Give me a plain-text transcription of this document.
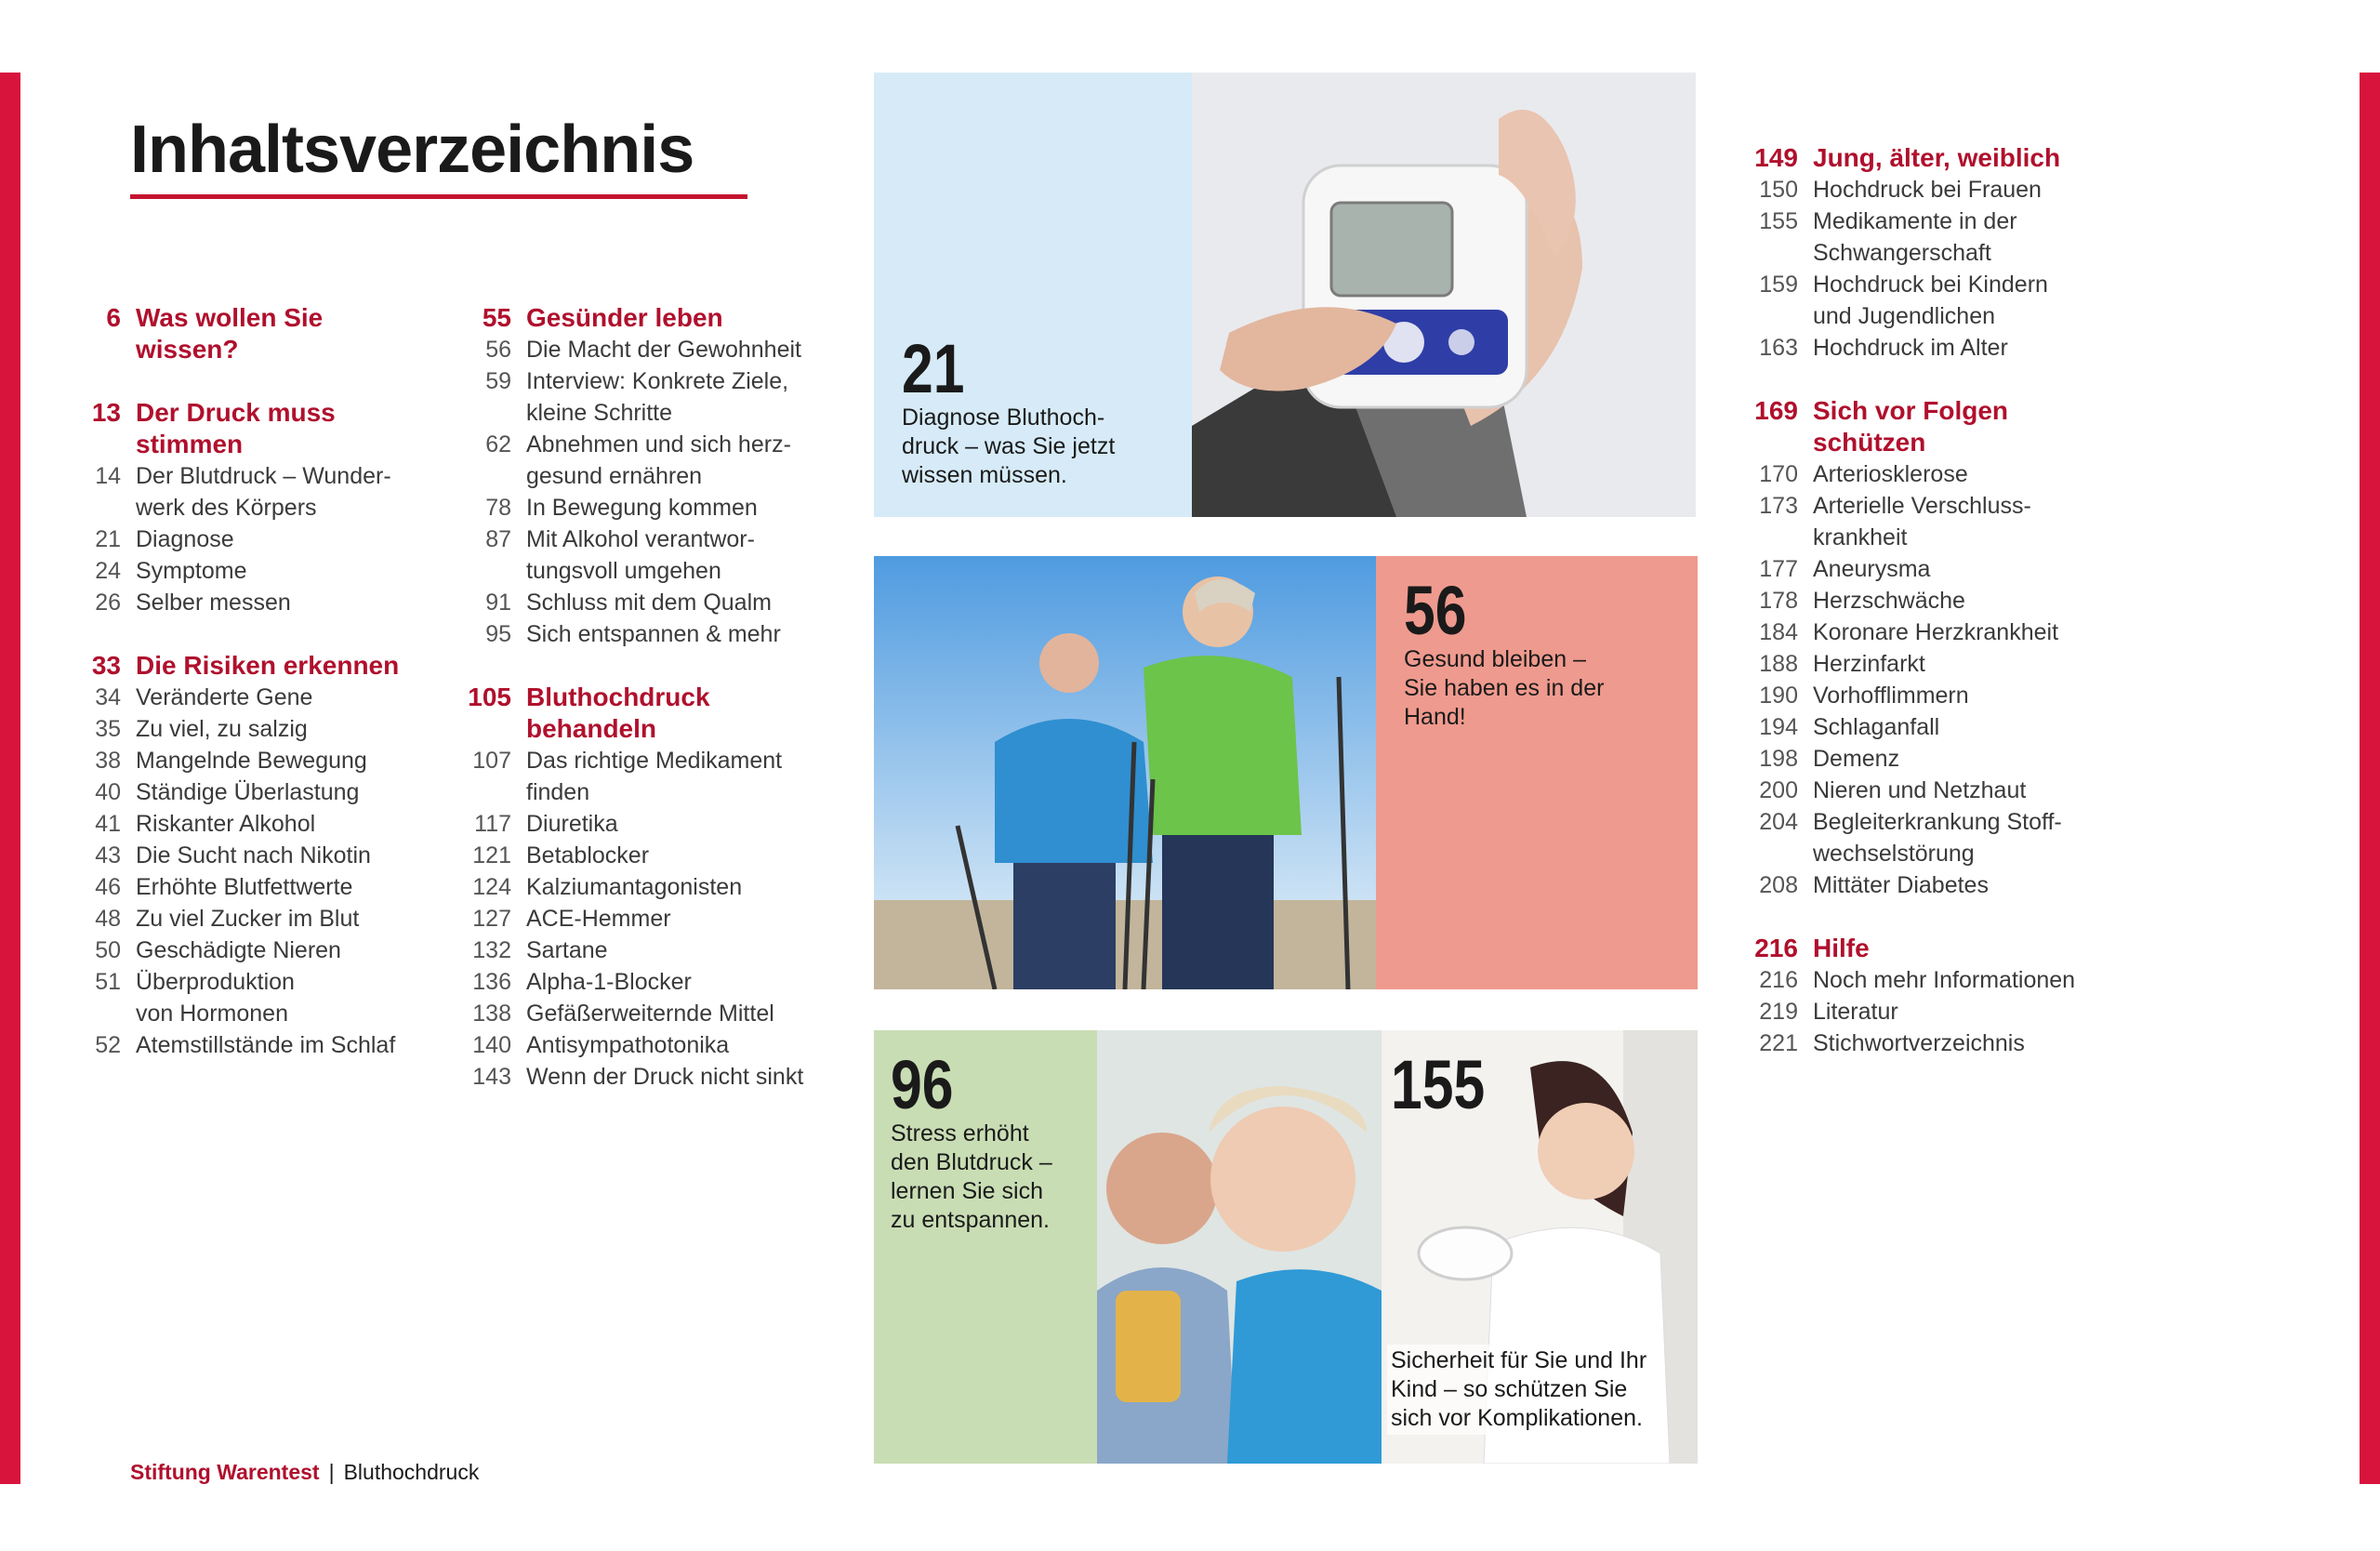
Inhaltsverzeichnis
6 Was wollen Sie
wissen?
13 Der Druck muss
stimmen
14 Der Blutdruck – Wunder-
werk des Körpers
21 Diagnose
24 Symptome
26 Selber messen
33 Die Risiken erkennen
34 Veränderte Gene
35 Zu viel, zu salzig
38 Mangelnde Bewegung
40 Ständige Überlastung
41 Riskanter Alkohol
43 Die Sucht nach Nikotin
46 Erhöhte Blutfettwerte
48 Zu viel Zucker im Blut
50 Geschädigte Nieren
51 Überproduktion
von Hormonen
52 Atemstillstände im Schlaf
55 Gesünder leben
56 Die Macht der Gewohnheit
59 Interview: Konkrete Ziele,
kleine Schritte
62 Abnehmen und sich herz-
gesund ernähren
78 In Bewegung kommen
87 Mit Alkohol verantwor-
tungsvoll umgehen
91 Schluss mit dem Qualm
95 Sich entspannen & mehr
105 Bluthochdruck
behandeln
107 Das richtige Medikament
finden
117 Diuretika
121 Betablocker
124 Kalziumantagonisten
127 ACE-Hemmer
132 Sartane
136 Alpha-1-Blocker
138 Gefäßerweiternde Mittel
140 Antisympathotonika
143 Wenn der Druck nicht sinkt
149 Jung, älter, weiblich
150 Hochdruck bei Frauen
155 Medikamente in der
Schwangerschaft
159 Hochdruck bei Kindern
und Jugendlichen
163 Hochdruck im Alter
169 Sich vor Folgen
schützen
170 Arteriosklerose
173 Arterielle Verschluss-
krankheit
177 Aneurysma
178 Herzschwäche
184 Koronare Herzkrankheit
188 Herzinfarkt
190 Vorhofflimmern
194 Schlaganfall
198 Demenz
200 Nieren und Netzhaut
204 Begleiterkrankung Stoff-
wechselstörung
208 Mittäter Diabetes
216 Hilfe
216 Noch mehr Informationen
219 Literatur
221 Stichwortverzeichnis
21
Diagnose Bluthoch-
druck – was Sie jetzt
wissen müssen.
56
Gesund bleiben –
Sie haben es in der
Hand!
96
Stress erhöht
den Blutdruck –
lernen Sie sich
zu entspannen.
155
Sicherheit für Sie und Ihr
Kind – so schützen Sie
sich vor Komplikationen.
Stiftung Warentest | Bluthochdruck
